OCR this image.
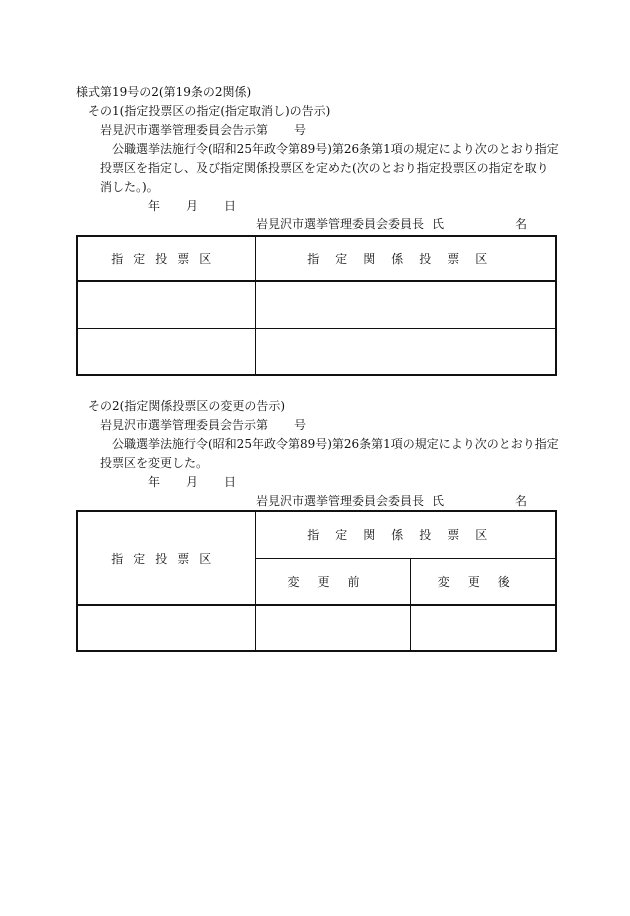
様式第19号の2(第19条の2関係)
その1(指定投票区の指定(指定取消し)の告示)
岩見沢市選挙管理委員会告示第 号
公職選挙法施行令(昭和25年政令第89号)第26条第1項の規定により次のとおり指定
投票区を指定し、及び指定関係投票区を定めた(次のとおり指定投票区の指定を取り
消した。)。
年 月 日
岩見沢市選挙管理委員会委員長 氏	名
指定投票区	指定関係投票区

その2(指定関係投票区の変更の告示)
岩見沢市選挙管理委員会告示第 号
公職選挙法施行令(昭和25年政令第89号)第26条第1項の規定により次のとおり指定
投票区を変更した。
年 月 日
岩見沢市選挙管理委員会委員長 氏	名
指定投票区	指定関係投票区	
	変更前	変更後
